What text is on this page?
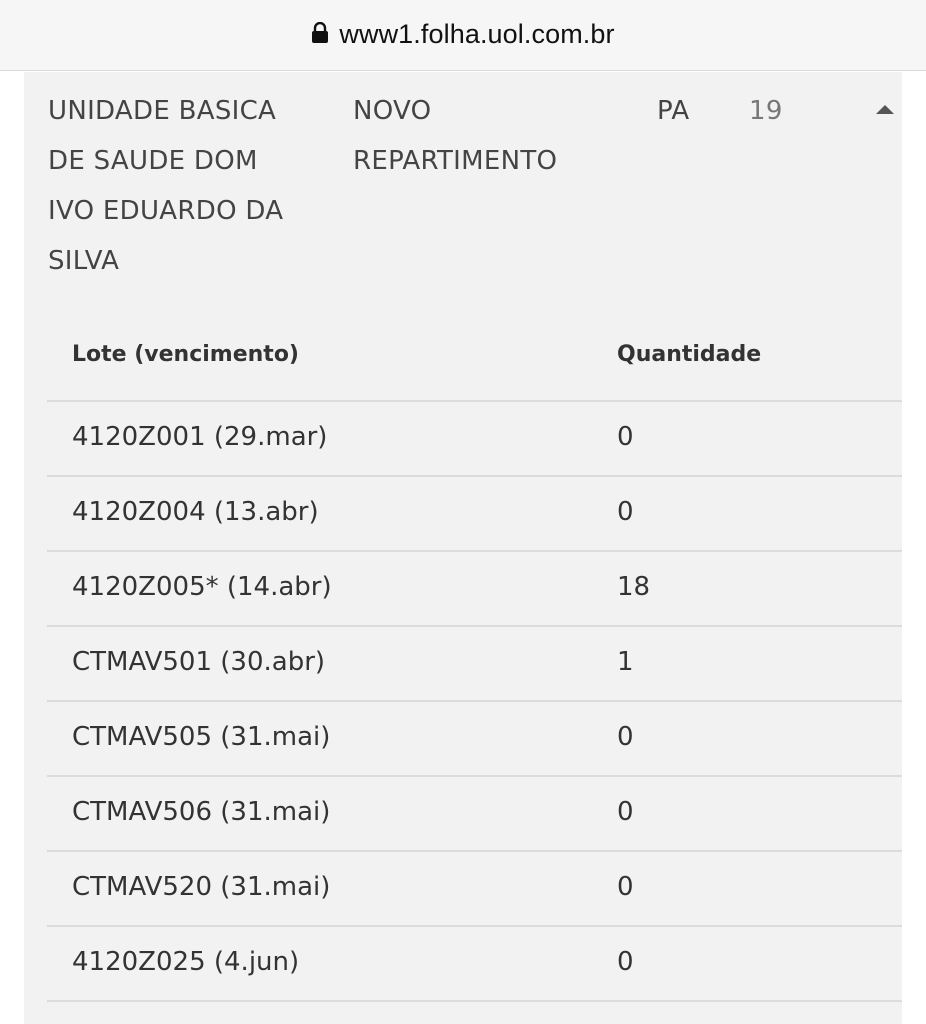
www1.folha.uol.com.br
UNIDADE BASICA DE SAUDE DOM IVO EDUARDO DA SILVA
NOVO REPARTIMENTO
PA 19
Lote (vencimento)	Quantidade
4120Z001 (29.mar)	0
4120Z004 (13.abr)	0
4120Z005* (14.abr)	18
CTMAV501 (30.abr)	1
CTMAV505 (31.mai)	0
CTMAV506 (31.mai)	0
CTMAV520 (31.mai)	0
4120Z025 (4.jun)	0
